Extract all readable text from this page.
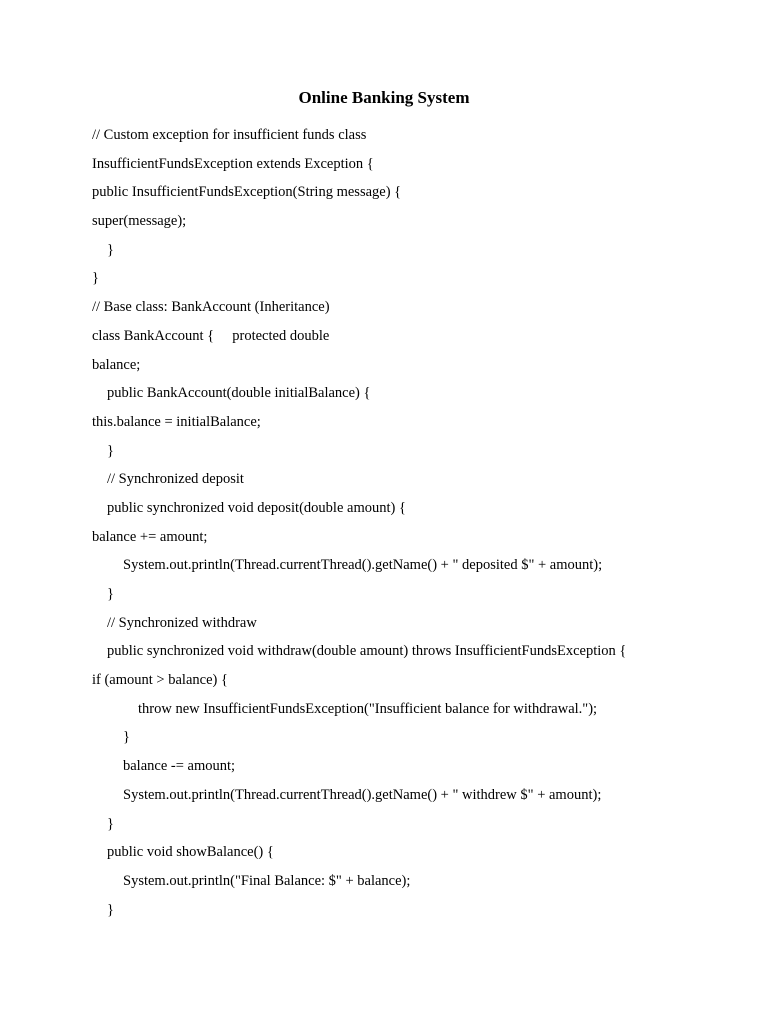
Online Banking System
// Custom exception for insufficient funds class
InsufficientFundsException extends Exception {
public InsufficientFundsException(String message) {
super(message);
}
}
// Base class: BankAccount (Inheritance)
class BankAccount {     protected double
balance;
public BankAccount(double initialBalance) {
this.balance = initialBalance;
}
// Synchronized deposit
public synchronized void deposit(double amount) {
balance += amount;
System.out.println(Thread.currentThread().getName() + " deposited $" + amount);
}
// Synchronized withdraw
public synchronized void withdraw(double amount) throws InsufficientFundsException {
if (amount > balance) {
throw new InsufficientFundsException("Insufficient balance for withdrawal.");
}
balance -= amount;
System.out.println(Thread.currentThread().getName() + " withdrew $" + amount);
}
public void showBalance() {
System.out.println("Final Balance: $" + balance);
}
